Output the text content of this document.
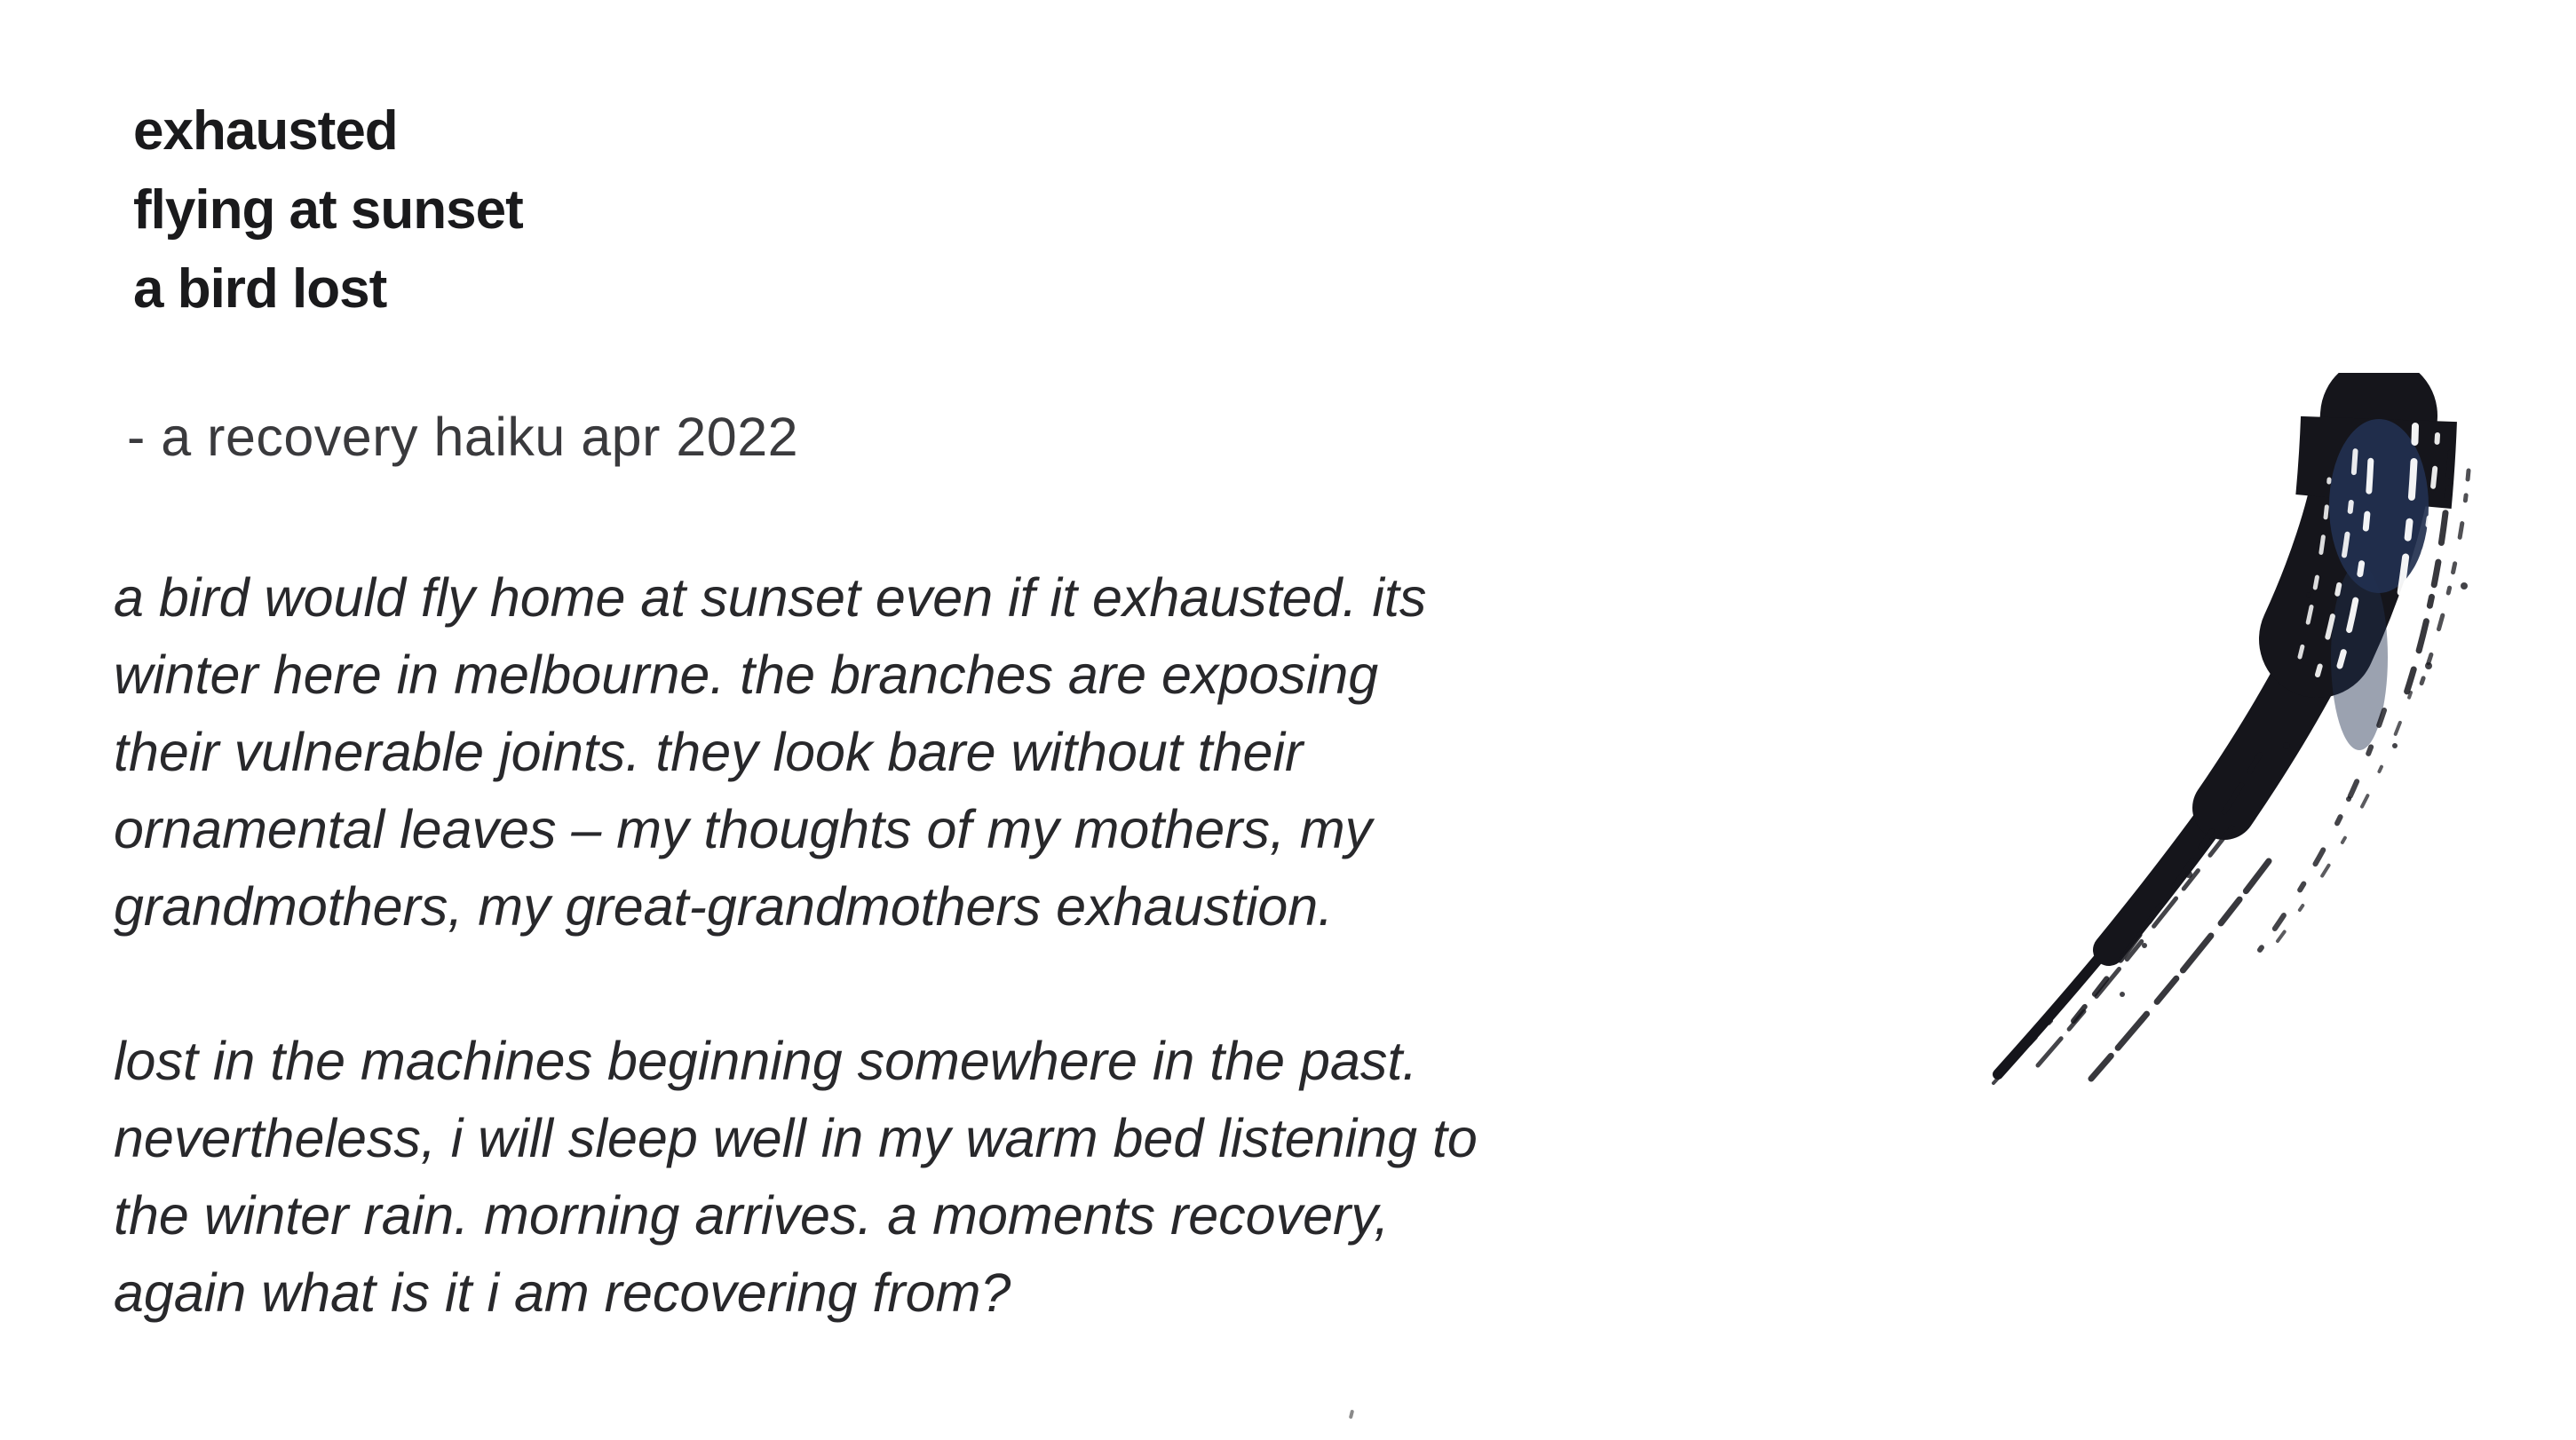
exhausted
flying at sunset
a bird lost
- a recovery haiku apr 2022
a bird would fly home at sunset even if it exhausted. its
winter here in melbourne. the branches are exposing
their vulnerable joints. they look bare without their
ornamental leaves – my thoughts of my mothers, my
grandmothers, my great-grandmothers exhaustion.
lost in the machines beginning somewhere in the past.
nevertheless, i will sleep well in my warm bed listening to
the winter rain. morning arrives. a moments recovery,
again what is it i am recovering from?
